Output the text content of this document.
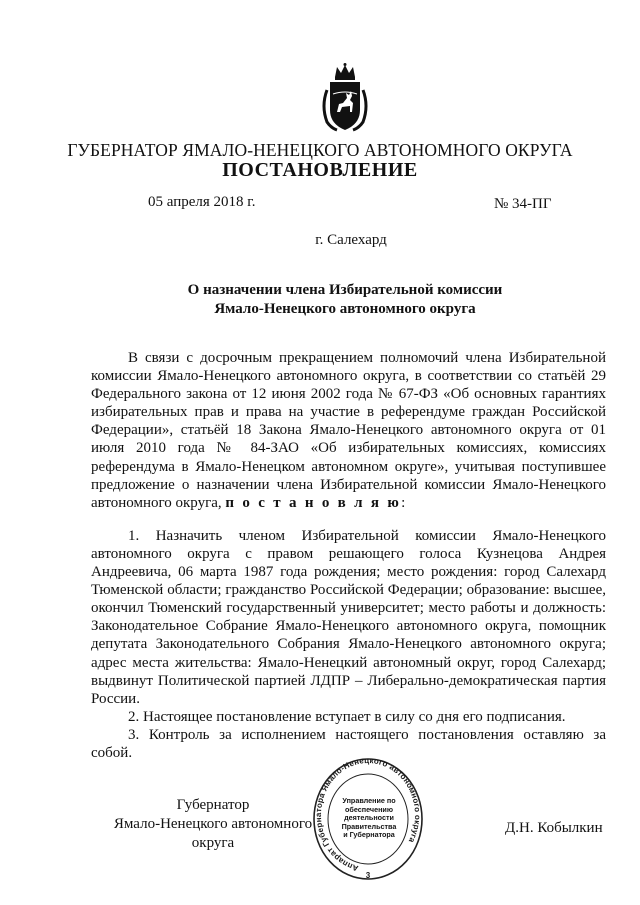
ГУБЕРНАТОР ЯМАЛО-НЕНЕЦКОГО АВТОНОМНОГО ОКРУГА
ПОСТАНОВЛЕНИЕ
05 апреля 2018 г.	№ 34-ПГ
г. Салехард
О назначении члена Избирательной комиссии
Ямало-Ненецкого автономного округа

В связи с досрочным прекращением полномочий члена Избирательной комиссии Ямало-Ненецкого автономного округа, в соответствии со статьёй 29 Федерального закона от 12 июня 2002 года № 67-ФЗ «Об основных гарантиях избирательных прав и права на участие в референдуме граждан Российской Федерации», статьёй 18 Закона Ямало-Ненецкого автономного округа от 01 июля 2010 года № 84-ЗАО «Об избирательных комиссиях, комиссиях референдума в Ямало-Ненецком автономном округе», учитывая поступившее предложение о назначении члена Избирательной комиссии Ямало-Ненецкого автономного округа, п о с т а н о в л я ю:

1. Назначить членом Избирательной комиссии Ямало-Ненецкого автономного округа с правом решающего голоса Кузнецова Андрея Андреевича, 06 марта 1987 года рождения; место рождения: город Салехард Тюменской области; гражданство Российской Федерации; образование: высшее, окончил Тюменский государственный университет; место работы и должность: Законодательное Собрание Ямало-Ненецкого автономного округа, помощник депутата Законодательного Собрания Ямало-Ненецкого автономного округа; адрес места жительства: Ямало-Ненецкий автономный округ, город Салехард; выдвинут Политической партией ЛДПР – Либерально-демократическая партия России.

2. Настоящее постановление вступает в силу со дня его подписания.

3. Контроль за исполнением настоящего постановления оставляю за собой.

Губернатор
Ямало-Ненецкого автономного округа
Д.Н. Кобылкин
Аппарат Губернатора Ямало-Ненецкого автономного округа
3
Управление по
обеспечению
деятельности
Правительства
и Губернатора
